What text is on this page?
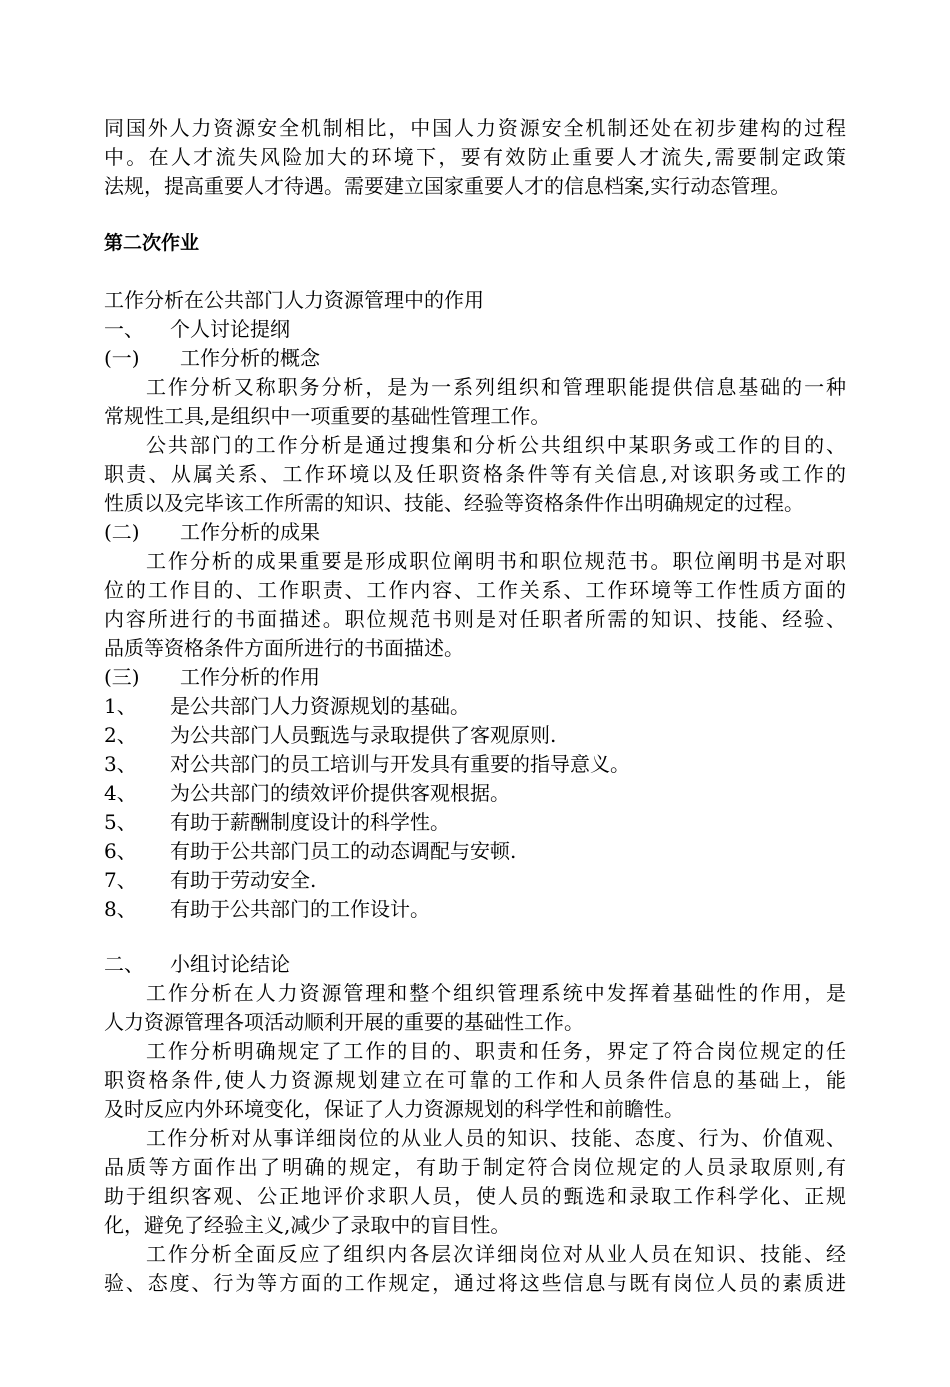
同国外人力资源安全机制相比，中国人力资源安全机制还处在初步建构的过程
中。在人才流失风险加大的环境下，要有效防止重要人才流失,需要制定政策
法规，提高重要人才待遇。需要建立国家重要人才的信息档案,实行动态管理。
第二次作业
工作分析在公共部门人力资源管理中的作用
一、 个人讨论提纲
(一) 工作分析的概念
工作分析又称职务分析，是为一系列组织和管理职能提供信息基础的一种
常规性工具,是组织中一项重要的基础性管理工作。
公共部门的工作分析是通过搜集和分析公共组织中某职务或工作的目的、
职责、从属关系、工作环境以及任职资格条件等有关信息,对该职务或工作的
性质以及完毕该工作所需的知识、技能、经验等资格条件作出明确规定的过程。
(二) 工作分析的成果
工作分析的成果重要是形成职位阐明书和职位规范书。职位阐明书是对职
位的工作目的、工作职责、工作内容、工作关系、工作环境等工作性质方面的
内容所进行的书面描述。职位规范书则是对任职者所需的知识、技能、经验、
品质等资格条件方面所进行的书面描述。
(三) 工作分析的作用
1、 是公共部门人力资源规划的基础。
2、 为公共部门人员甄选与录取提供了客观原则.
3、 对公共部门的员工培训与开发具有重要的指导意义。
4、 为公共部门的绩效评价提供客观根据。
5、 有助于薪酬制度设计的科学性。
6、 有助于公共部门员工的动态调配与安顿.
7、 有助于劳动安全.
8、 有助于公共部门的工作设计。
二、 小组讨论结论
工作分析在人力资源管理和整个组织管理系统中发挥着基础性的作用，是
人力资源管理各项活动顺利开展的重要的基础性工作。
工作分析明确规定了工作的目的、职责和任务，界定了符合岗位规定的任
职资格条件,使人力资源规划建立在可靠的工作和人员条件信息的基础上，能
及时反应内外环境变化，保证了人力资源规划的科学性和前瞻性。
工作分析对从事详细岗位的从业人员的知识、技能、态度、行为、价值观、
品质等方面作出了明确的规定，有助于制定符合岗位规定的人员录取原则,有
助于组织客观、公正地评价求职人员，使人员的甄选和录取工作科学化、正规
化，避免了经验主义,减少了录取中的盲目性。
工作分析全面反应了组织内各层次详细岗位对从业人员在知识、技能、经
验、态度、行为等方面的工作规定，通过将这些信息与既有岗位人员的素质进
